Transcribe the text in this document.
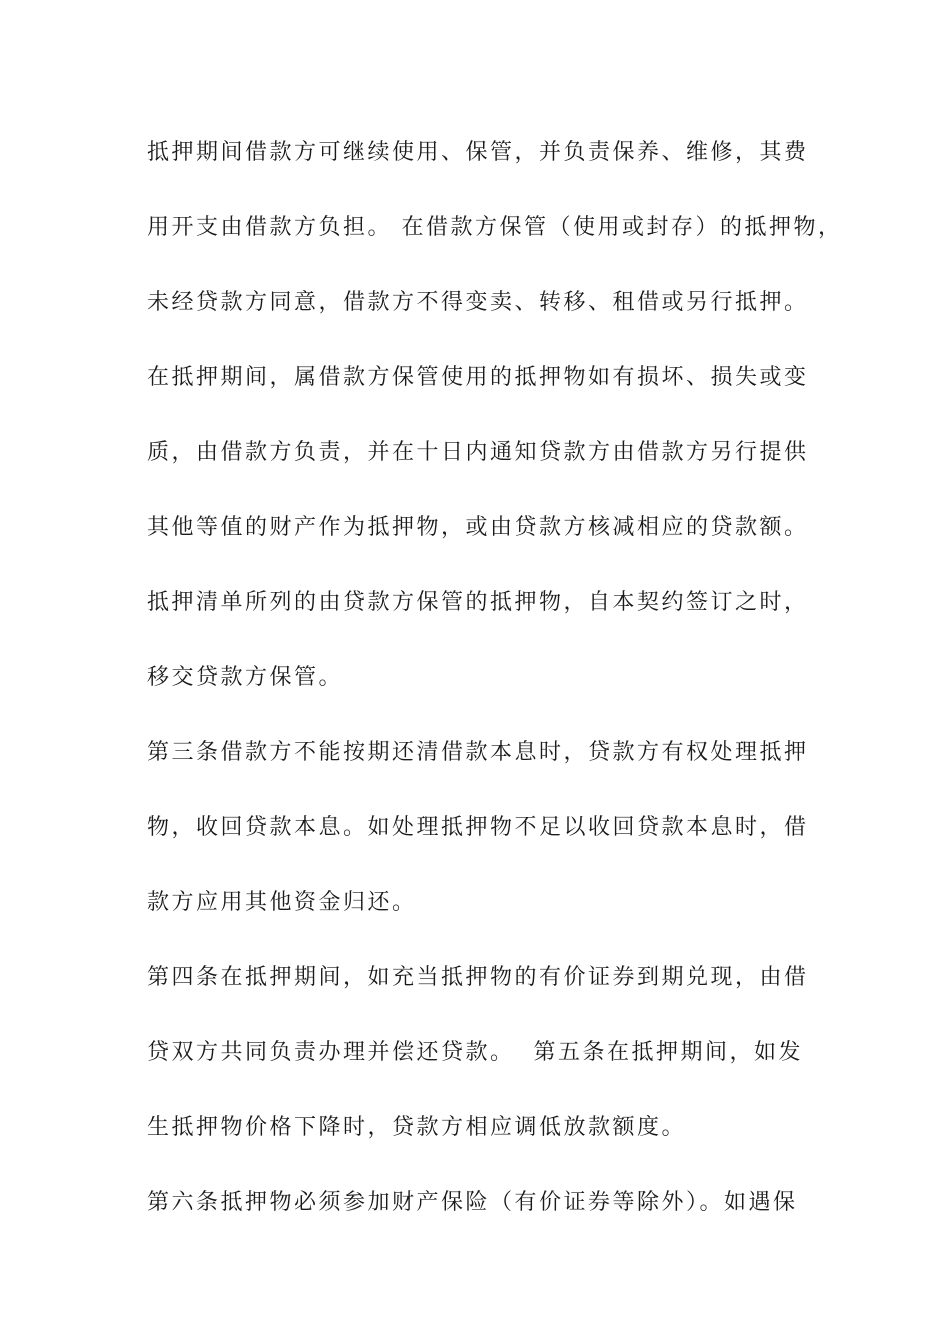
抵押期间借款方可继续使用、保管，并负责保养、维修，其费
用开支由借款方负担。 在借款方保管（使用或封存）的抵押物，
未经贷款方同意，借款方不得变卖、转移、租借或另行抵押。
在抵押期间，属借款方保管使用的抵押物如有损坏、损失或变
质，由借款方负责，并在十日内通知贷款方由借款方另行提供
其他等值的财产作为抵押物，或由贷款方核减相应的贷款额。
抵押清单所列的由贷款方保管的抵押物，自本契约签订之时，
移交贷款方保管。
第三条借款方不能按期还清借款本息时，贷款方有权处理抵押
物，收回贷款本息。如处理抵押物不足以收回贷款本息时，借
款方应用其他资金归还。
第四条在抵押期间，如充当抵押物的有价证券到期兑现，由借
贷双方共同负责办理并偿还贷款。  第五条在抵押期间，如发
生抵押物价格下降时，贷款方相应调低放款额度。
第六条抵押物必须参加财产保险（有价证券等除外）。如遇保
